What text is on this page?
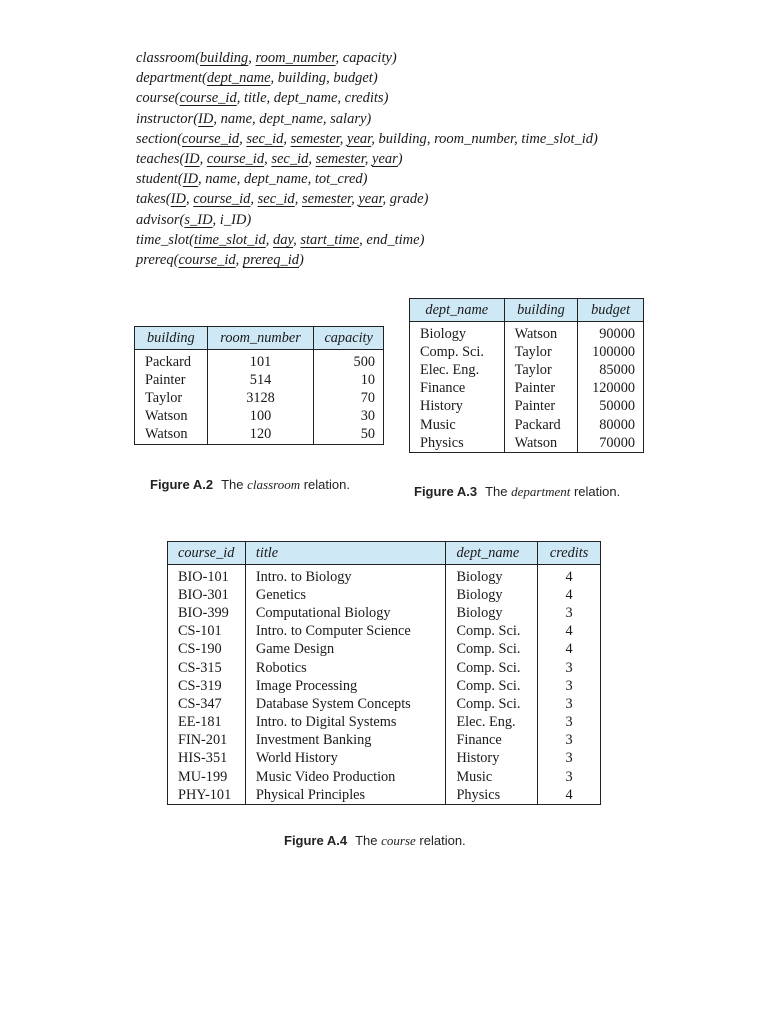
classroom(building, room_number, capacity)
department(dept_name, building, budget)
course(course_id, title, dept_name, credits)
instructor(ID, name, dept_name, salary)
section(course_id, sec_id, semester, year, building, room_number, time_slot_id)
teaches(ID, course_id, sec_id, semester, year)
student(ID, name, dept_name, tot_cred)
takes(ID, course_id, sec_id, semester, year, grade)
advisor(s_ID, i_ID)
time_slot(time_slot_id, day, start_time, end_time)
prereq(course_id, prereq_id)
building	room_number	capacity

Packard	101	500
Painter	514	10
Taylor	3128	70
Watson	100	30
Watson	120	50
Figure A.2 The classroom relation.
dept_name	building	budget

Biology	Watson	90000
Comp. Sci.	Taylor	100000
Elec. Eng.	Taylor	85000
Finance	Painter	120000
History	Painter	50000
Music	Packard	80000
Physics	Watson	70000
Figure A.3 The department relation.
course_id	title	dept_name	credits

BIO-101	Intro. to Biology	Biology	4
BIO-301	Genetics	Biology	4
BIO-399	Computational Biology	Biology	3
CS-101	Intro. to Computer Science	Comp. Sci.	4
CS-190	Game Design	Comp. Sci.	4
CS-315	Robotics	Comp. Sci.	3
CS-319	Image Processing	Comp. Sci.	3
CS-347	Database System Concepts	Comp. Sci.	3
EE-181	Intro. to Digital Systems	Elec. Eng.	3
FIN-201	Investment Banking	Finance	3
HIS-351	World History	History	3
MU-199	Music Video Production	Music	3
PHY-101	Physical Principles	Physics	4
Figure A.4 The course relation.
